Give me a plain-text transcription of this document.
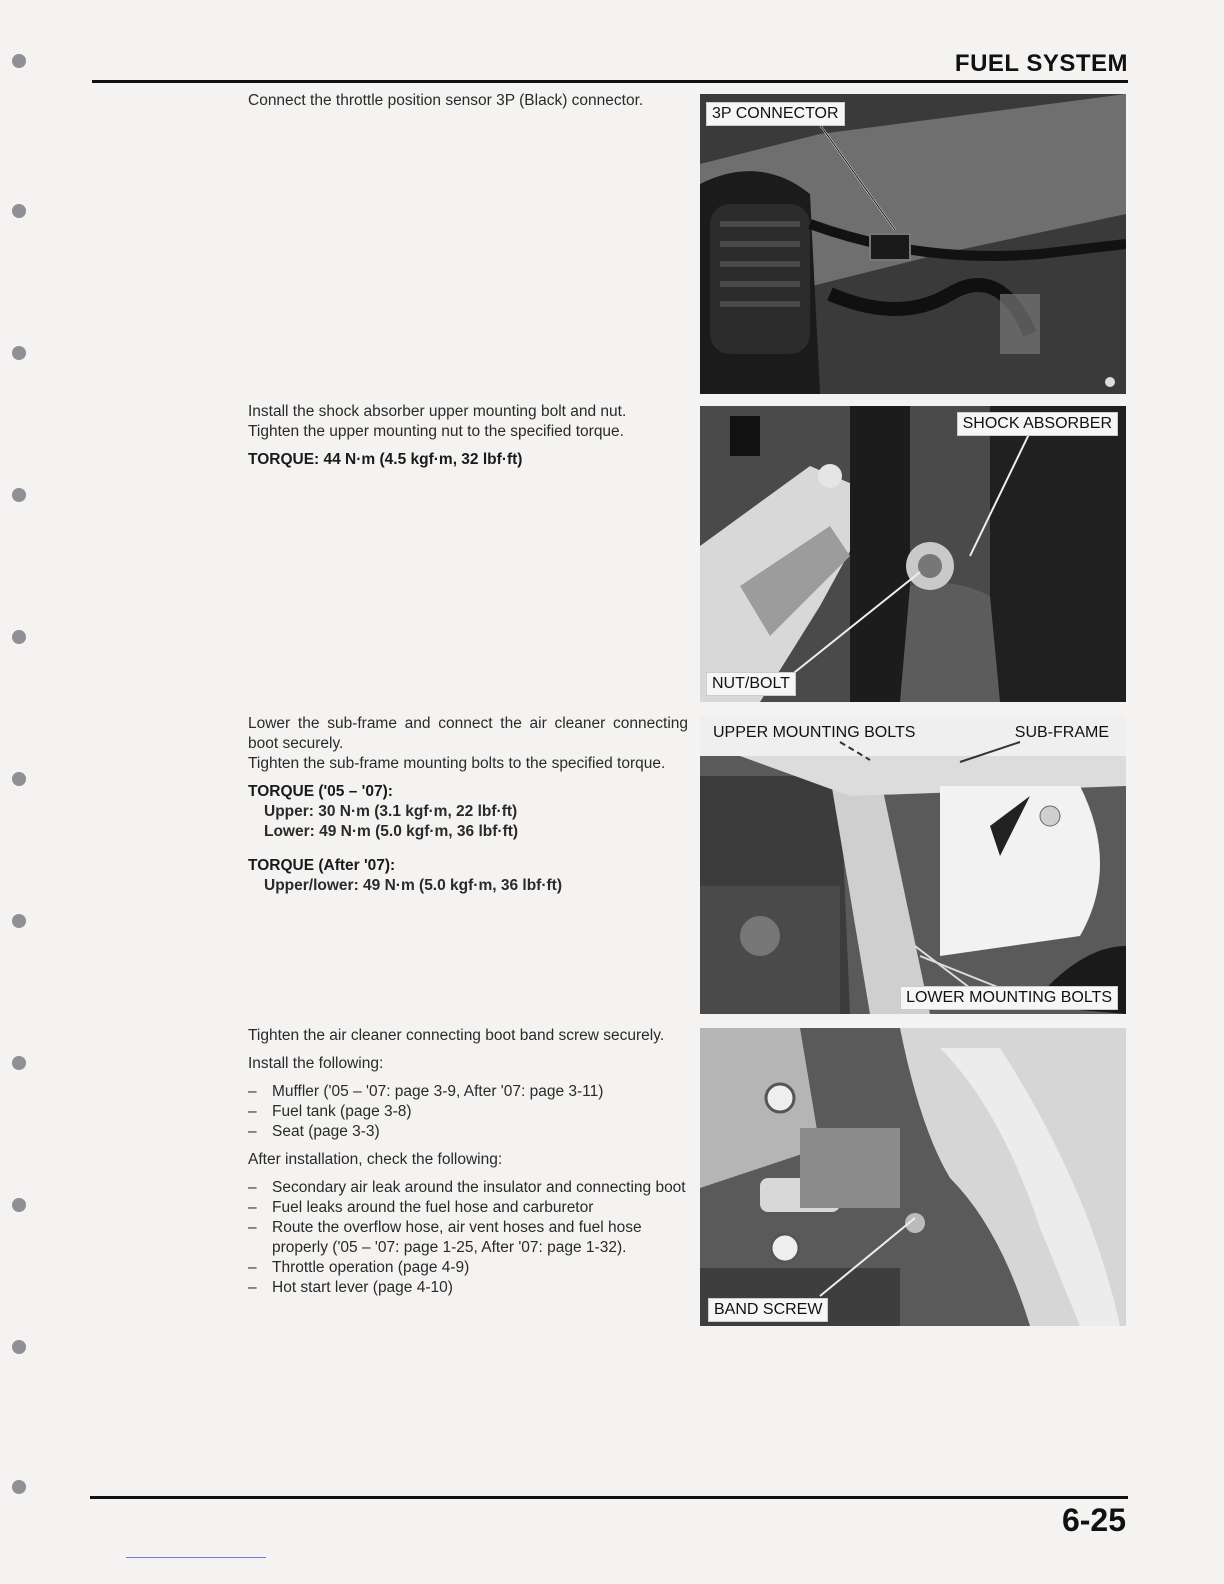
FUEL SYSTEM

Connect the throttle position sensor 3P (Black) connector.

Install the shock absorber upper mounting bolt and nut.

Tighten the upper mounting nut to the specified torque.

TORQUE: 44 N·m (4.5 kgf·m, 32 lbf·ft)

Lower the sub-frame and connect the air cleaner connecting boot securely.

Tighten the sub-frame mounting bolts to the specified torque.

TORQUE ('05 – '07):

Upper: 30 N·m (3.1 kgf·m, 22 lbf·ft)

Lower: 49 N·m (5.0 kgf·m, 36 lbf·ft)

TORQUE (After '07):

Upper/lower: 49 N·m (5.0 kgf·m, 36 lbf·ft)

Tighten the air cleaner connecting boot band screw securely.

Install the following:

– Muffler ('05 – '07: page 3-9, After '07: page 3-11)
– Fuel tank (page 3-8)
– Seat (page 3-3)

After installation, check the following:

– Secondary air leak around the insulator and connecting boot
– Fuel leaks around the fuel hose and carburetor
– Route the overflow hose, air vent hoses and fuel hose properly ('05 – '07: page 1-25, After '07: page 1-32).
– Throttle operation (page 4-9)
– Hot start lever (page 4-10)
3P CONNECTOR
SHOCK ABSORBER
NUT/BOLT
UPPER MOUNTING BOLTS	SUB-FRAME
LOWER MOUNTING BOLTS
BAND SCREW
6-25
